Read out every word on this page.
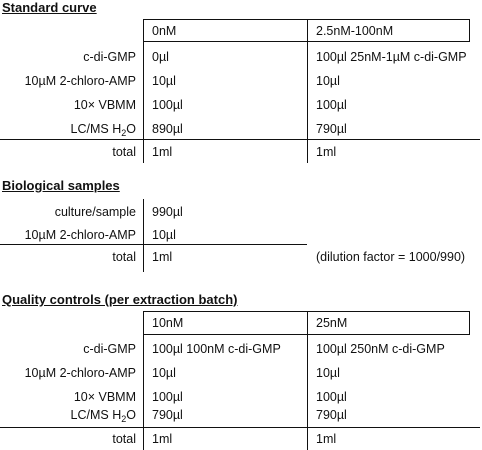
Standard curve
0nM	2.5nM-100nM
c-di-GMP 0µl	100µl 25nM-1µM c-di-GMP
10µM 2-chloro-AMP 10µl	10µl
10× VBMM 100µl	100µl
LC/MS $H_2O$ 890µl	790µl
total 1ml	1ml
Biological samples
culture/sample 990µl
10µM 2-chloro-AMP 10µl
total 1ml	(dilution factor = 1000/990)
Quality controls (per extraction batch)
10nM	25nM
c-di-GMP 100µl 100nM c-di-GMP	100µl 250nM c-di-GMP
10µM 2-chloro-AMP 10µl	10µl
10× VBMM 100µl	100µl
LC/MS $H_2O$ 790µl	790µl
total 1ml	1ml
